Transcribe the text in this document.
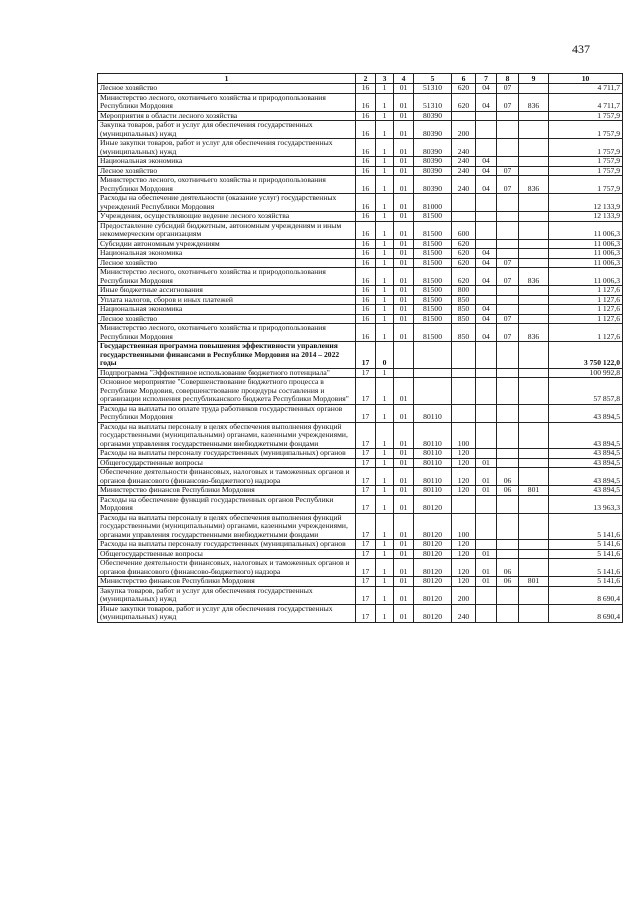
437
1	2	3	4	5	6	7	8	9	10
Лесное хозяйство	16	1	01	51310	620	04	07		4 711,7
Министерство лесного, охотничьего хозяйства и природопользования Республики Мордовия	16	1	01	51310	620	04	07	836	4 711,7
Мероприятия в области лесного хозяйства	16	1	01	80390					1 757,9
Закупка товаров, работ и услуг для обеспечения государственных (муниципальных) нужд	16	1	01	80390	200				1 757,9
Иные закупки товаров, работ и услуг для обеспечения государственных (муниципальных) нужд	16	1	01	80390	240				1 757,9
Национальная экономика	16	1	01	80390	240	04			1 757,9
Лесное хозяйство	16	1	01	80390	240	04	07		1 757,9
Министерство лесного, охотничьего хозяйства и природопользования Республики Мордовия	16	1	01	80390	240	04	07	836	1 757,9
Расходы на обеспечение деятельности (оказание услуг) государственных учреждений Республики Мордовия	16	1	01	81000					12 133,9
Учреждения, осуществляющие ведение лесного хозяйства	16	1	01	81500					12 133,9
Предоставление субсидий бюджетным, автономным учреждениям и иным некоммерческим организациям	16	1	01	81500	600				11 006,3
Субсидии автономным учреждениям	16	1	01	81500	620				11 006,3
Национальная экономика	16	1	01	81500	620	04			11 006,3
Лесное хозяйство	16	1	01	81500	620	04	07		11 006,3
Министерство лесного, охотничьего хозяйства и природопользования Республики Мордовия	16	1	01	81500	620	04	07	836	11 006,3
Иные бюджетные ассигнования	16	1	01	81500	800				1 127,6
Уплата налогов, сборов и иных платежей	16	1	01	81500	850				1 127,6
Национальная экономика	16	1	01	81500	850	04			1 127,6
Лесное хозяйство	16	1	01	81500	850	04	07		1 127,6
Министерство лесного, охотничьего хозяйства и природопользования Республики Мордовия	16	1	01	81500	850	04	07	836	1 127,6
Государственная программа повышения эффективности управления государственными финансами в Республике Мордовия на 2014 – 2022 годы	17	0							3 750 122,0
Подпрограмма "Эффективное использование бюджетного потенциала"	17	1							100 992,8
Основное мероприятие "Совершенствование бюджетного процесса в Республике Мордовия, совершенствование процедуры составления и организации исполнения республиканского бюджета Республики Мордовия"	17	1	01						57 857,8
Расходы на выплаты по оплате труда работников государственных органов Республики Мордовия	17	1	01	80110					43 894,5
Расходы на выплаты персоналу в целях обеспечения выполнения функций государственными (муниципальными) органами, казенными учреждениями, органами управления государственными внебюджетными фондами	17	1	01	80110	100				43 894,5
Расходы на выплаты персоналу государственных (муниципальных) органов	17	1	01	80110	120				43 894,5
Общегосударственные вопросы	17	1	01	80110	120	01			43 894,5
Обеспечение деятельности финансовых, налоговых и таможенных органов и органов финансового (финансово-бюджетного) надзора	17	1	01	80110	120	01	06		43 894,5
Министерство финансов Республики Мордовия	17	1	01	80110	120	01	06	801	43 894,5
Расходы на обеспечение функций государственных органов Республики Мордовия	17	1	01	80120					13 963,3
Расходы на выплаты персоналу в целях обеспечения выполнения функций государственными (муниципальными) органами, казенными учреждениями, органами управления государственными внебюджетными фондами	17	1	01	80120	100				5 141,6
Расходы на выплаты персоналу государственных (муниципальных) органов	17	1	01	80120	120				5 141,6
Общегосударственные вопросы	17	1	01	80120	120	01			5 141,6
Обеспечение деятельности финансовых, налоговых и таможенных органов и органов финансового (финансово-бюджетного) надзора	17	1	01	80120	120	01	06		5 141,6
Министерство финансов Республики Мордовия	17	1	01	80120	120	01	06	801	5 141,6
Закупка товаров, работ и услуг для обеспечения государственных (муниципальных) нужд	17	1	01	80120	200				8 690,4
Иные закупки товаров, работ и услуг для обеспечения государственных (муниципальных) нужд	17	1	01	80120	240				8 690,4
